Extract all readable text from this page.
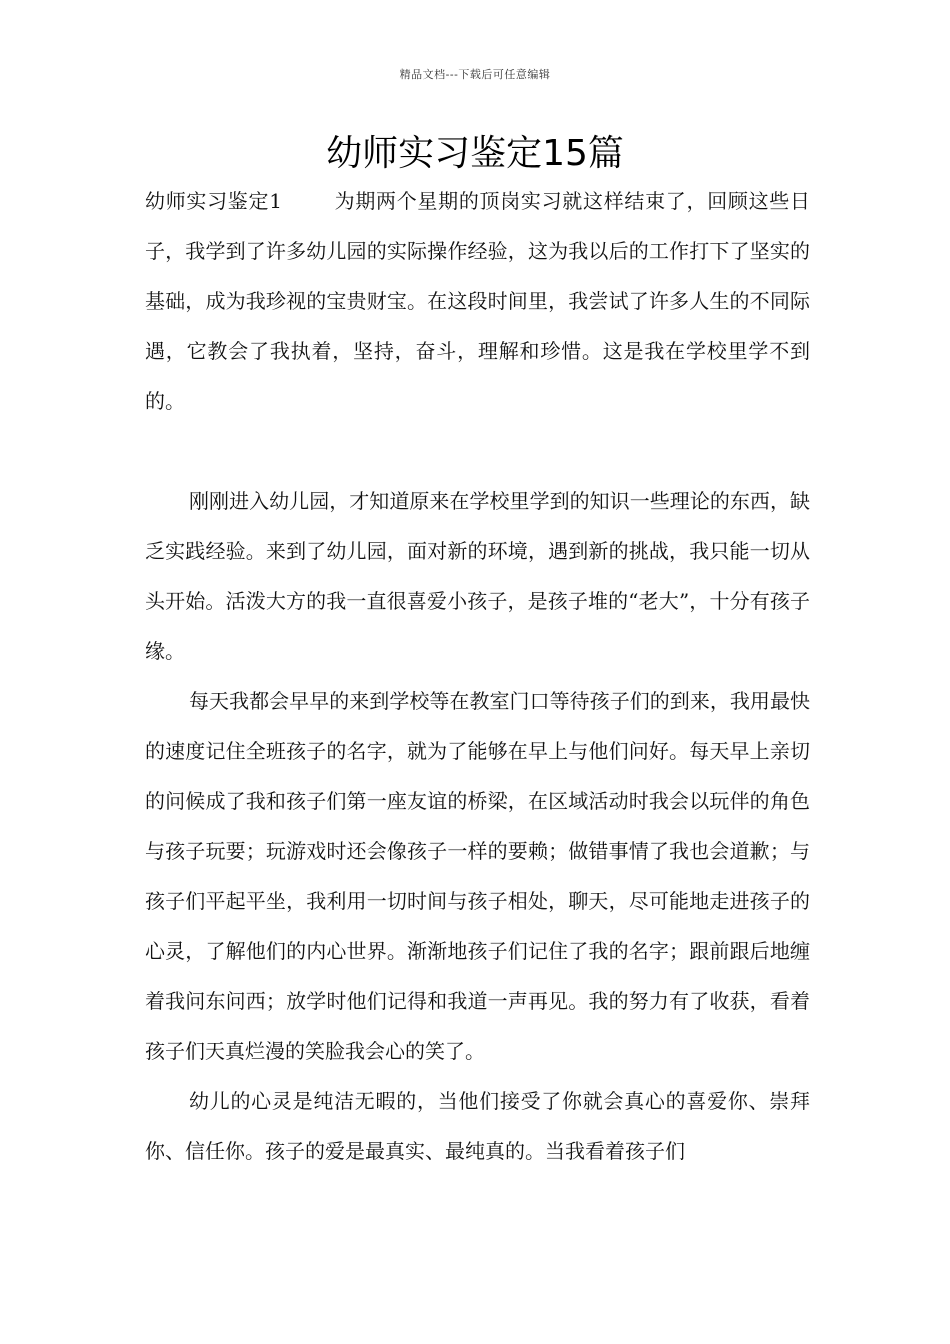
精品文档---下载后可任意编辑
幼师实习鉴定15篇

幼师实习鉴定1	为期两个星期的顶岗实习就这样结束了，回顾这些日子，我学到了许多幼儿园的实际操作经验，这为我以后的工作打下了坚实的基础，成为我珍视的宝贵财宝。在这段时间里，我尝试了许多人生的不同际遇，它教会了我执着，坚持，奋斗，理解和珍惜。这是我在学校里学不到的。

刚刚进入幼儿园，才知道原来在学校里学到的知识一些理论的东西，缺乏实践经验。来到了幼儿园，面对新的环境，遇到新的挑战，我只能一切从头开始。活泼大方的我一直很喜爱小孩子，是孩子堆的“老大”，十分有孩子缘。

每天我都会早早的来到学校等在教室门口等待孩子们的到来，我用最快的速度记住全班孩子的名字，就为了能够在早上与他们问好。每天早上亲切的问候成了我和孩子们第一座友谊的桥梁，在区域活动时我会以玩伴的角色与孩子玩要；玩游戏时还会像孩子一样的要赖；做错事情了我也会道歉；与孩子们平起平坐，我利用一切时间与孩子相处，聊天，尽可能地走进孩子的心灵，了解他们的内心世界。渐渐地孩子们记住了我的名字；跟前跟后地缠着我问东问西；放学时他们记得和我道一声再见。我的努力有了收获，看着孩子们天真烂漫的笑脸我会心的笑了。

幼儿的心灵是纯洁无暇的，当他们接受了你就会真心的喜爱你、崇拜你、信任你。孩子的爱是最真实、最纯真的。当我看着孩子们
